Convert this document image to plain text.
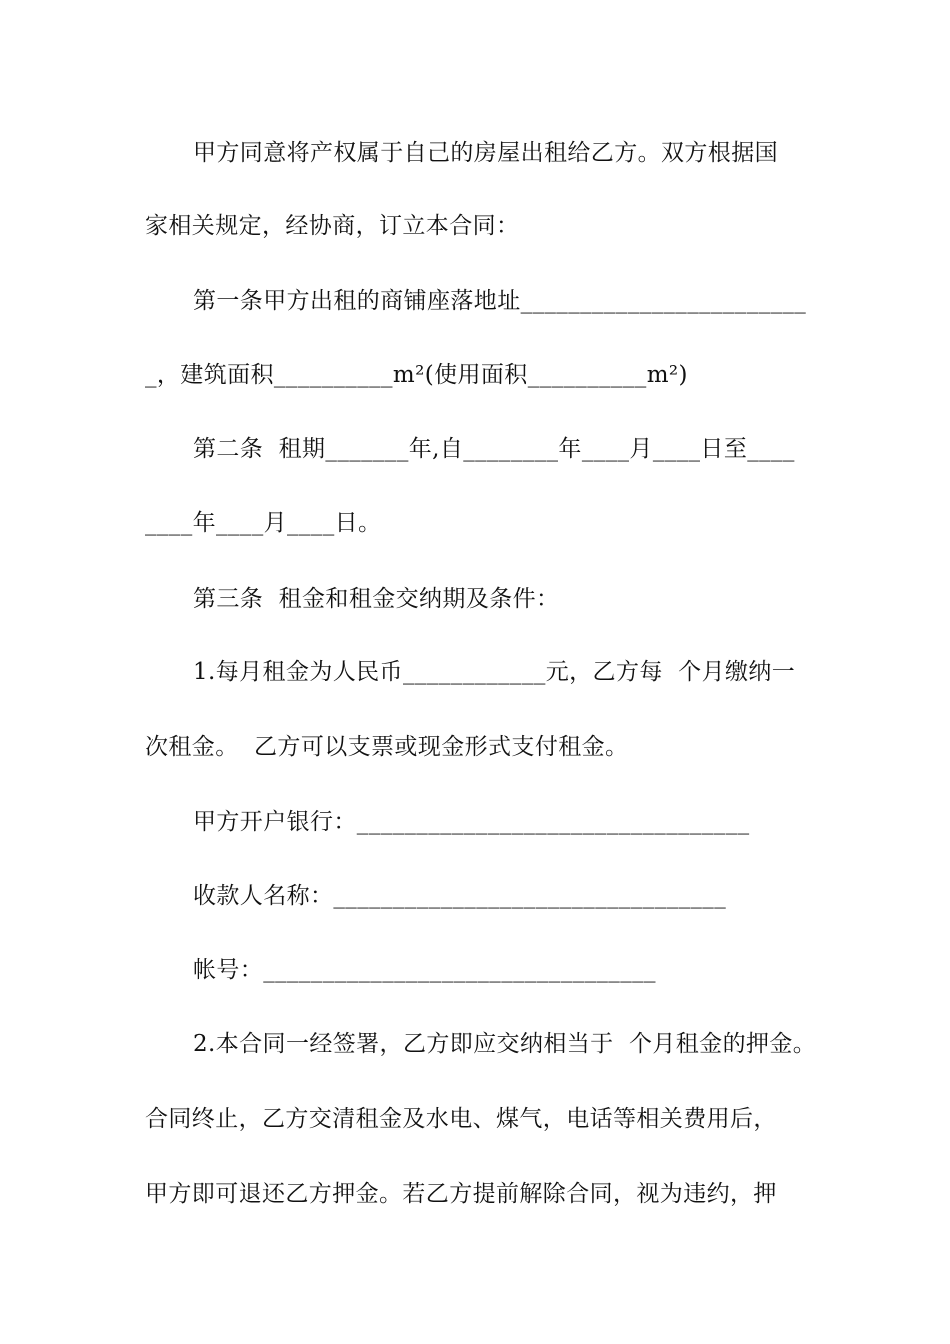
甲方同意将产权属于自己的房屋出租给乙方。双方根据国
家相关规定，经协商，订立本合同：
第一条甲方出租的商铺座落地址________________________
_，建筑面积__________m²(使用面积__________m²)
第二条  租期_______年,自________年____月____日至____
____年____月____日。
第三条  租金和租金交纳期及条件：
1.每月租金为人民币____________元，乙方每  个月缴纳一
次租金。  乙方可以支票或现金形式支付租金。
甲方开户银行：_________________________________
收款人名称：_________________________________
帐号：_________________________________
2.本合同一经签署，乙方即应交纳相当于  个月租金的押金。
合同终止，乙方交清租金及水电、煤气，电话等相关费用后，
甲方即可退还乙方押金。若乙方提前解除合同，视为违约，押
